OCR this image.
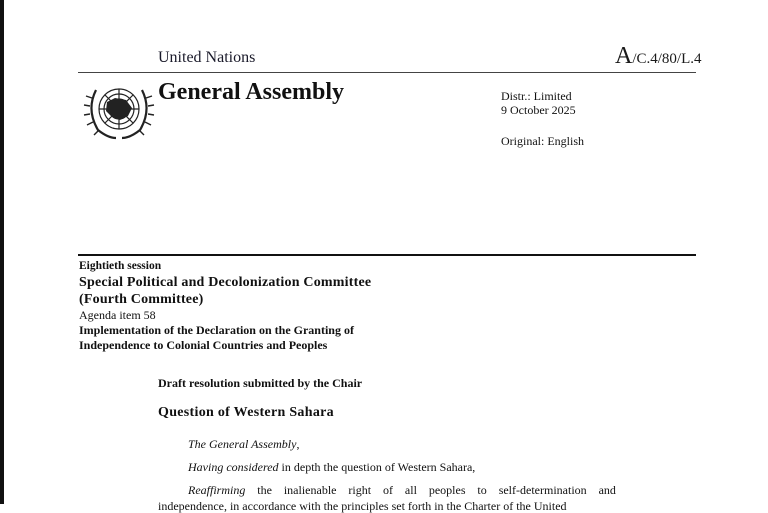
United Nations	A/C.4/80/L.4
General Assembly	Distr.: Limited
9 October 2025
Original: English
Eightieth session
Special Political and Decolonization Committee
(Fourth Committee)
Agenda item 58
Implementation of the Declaration on the Granting of
Independence to Colonial Countries and Peoples
Draft resolution submitted by the Chair
Question of Western Sahara
The General Assembly,
Having considered in depth the question of Western Sahara,
Reaffirming the inalienable right of all peoples to self-determination and
independence, in accordance with the principles set forth in the Charter of the United
